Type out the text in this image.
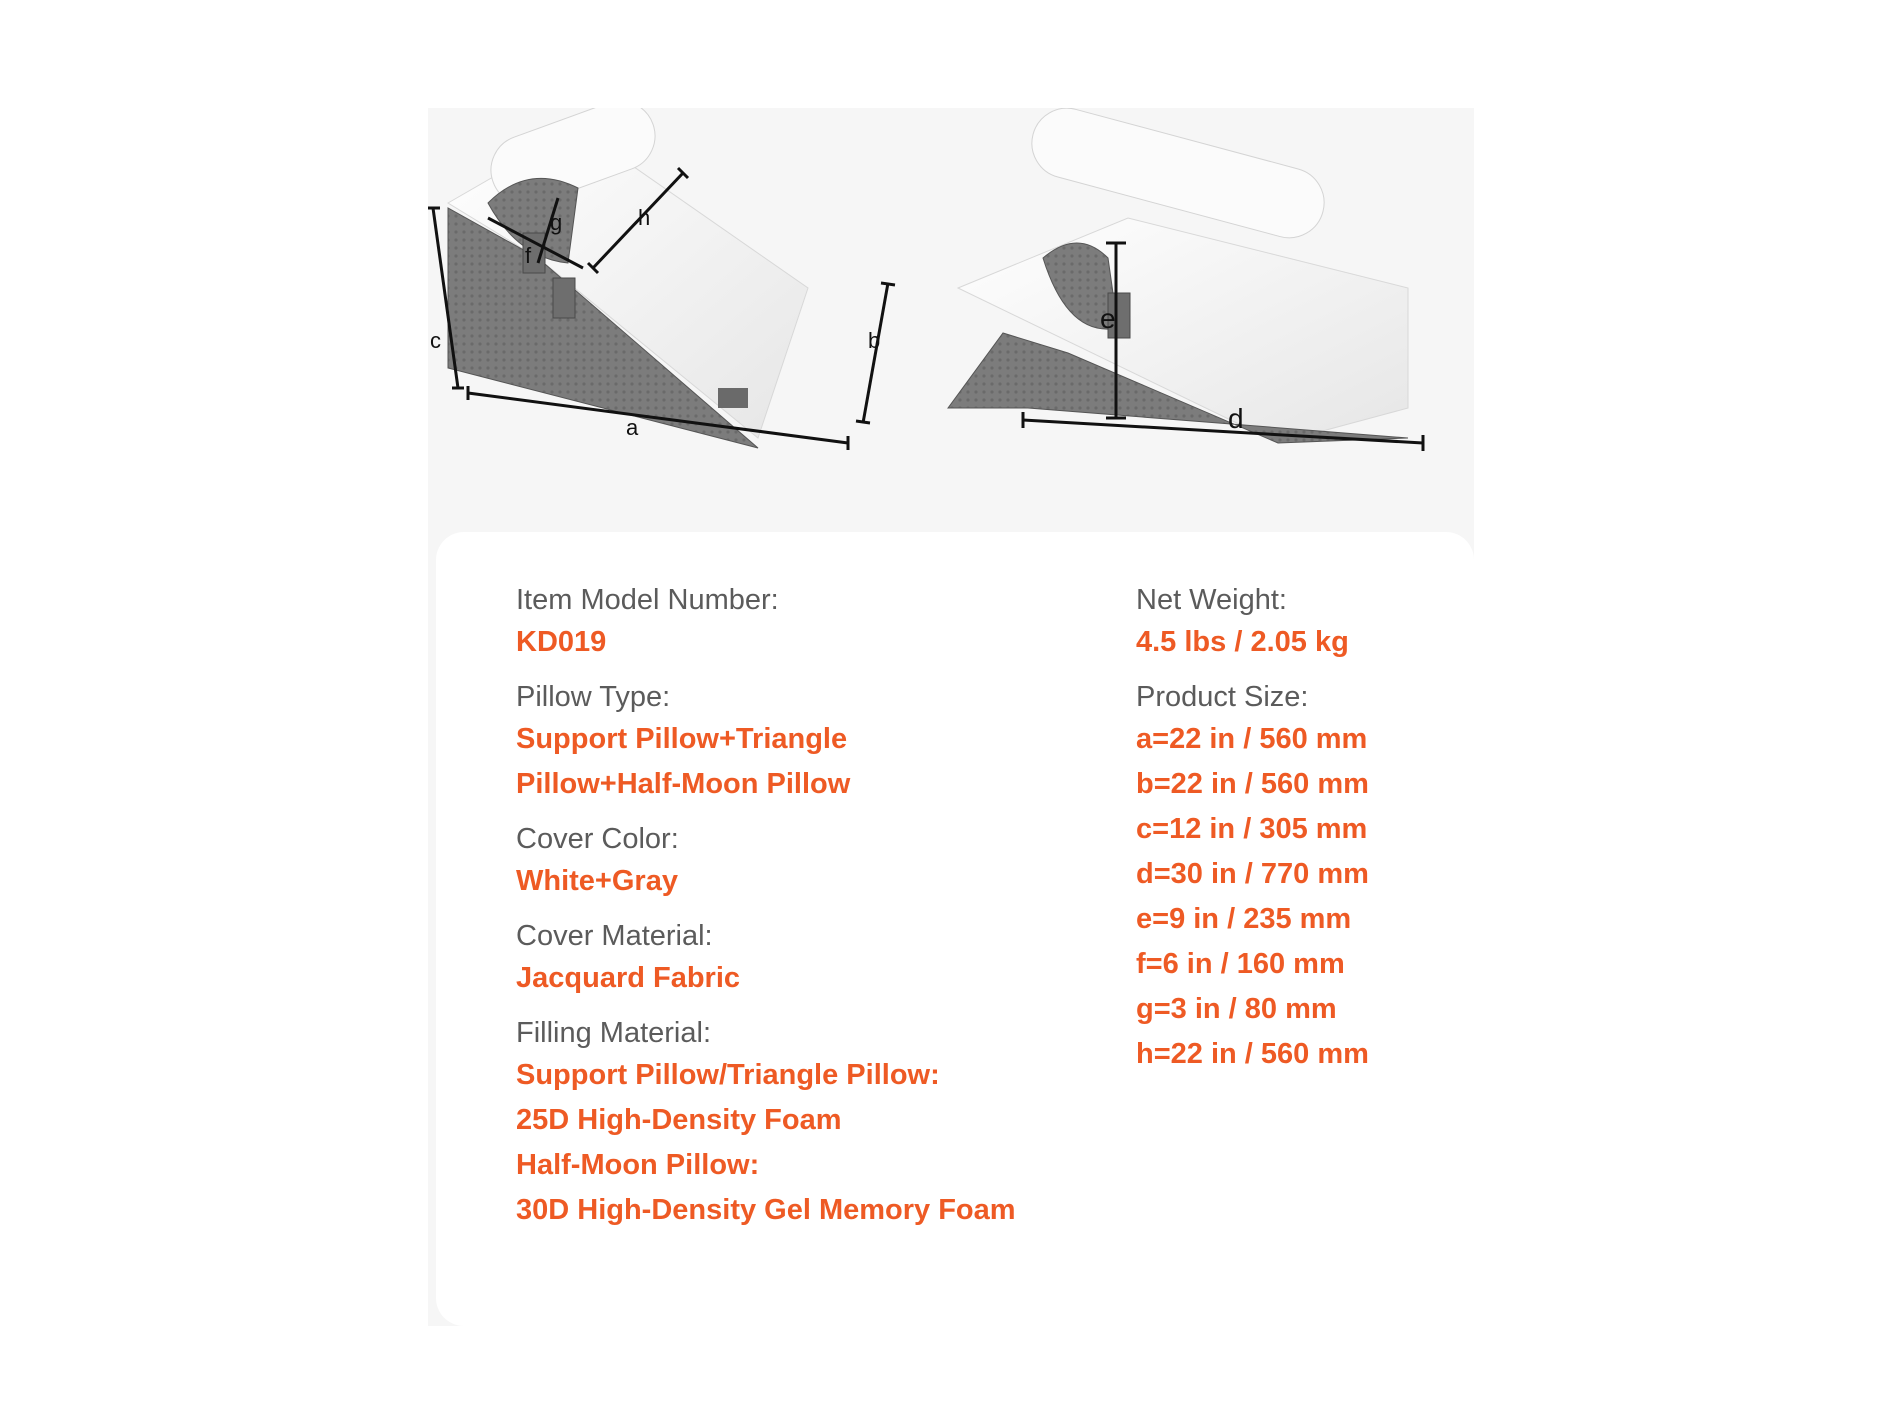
c
a
b
f
g	h
e
d

Item Model Number:

KD019

Pillow Type:

Support Pillow+Triangle

Pillow+Half-Moon Pillow

Cover Color:

White+Gray

Cover Material:

Jacquard Fabric

Filling Material:

Support Pillow/Triangle Pillow:

25D High-Density Foam

Half-Moon Pillow:

30D High-Density Gel Memory Foam

Net Weight:

4.5 lbs / 2.05 kg

Product Size:

a=22 in / 560 mm

b=22 in / 560 mm

c=12 in / 305 mm

d=30 in / 770 mm

e=9 in / 235 mm

f=6 in / 160 mm

g=3 in / 80 mm

h=22 in / 560 mm
